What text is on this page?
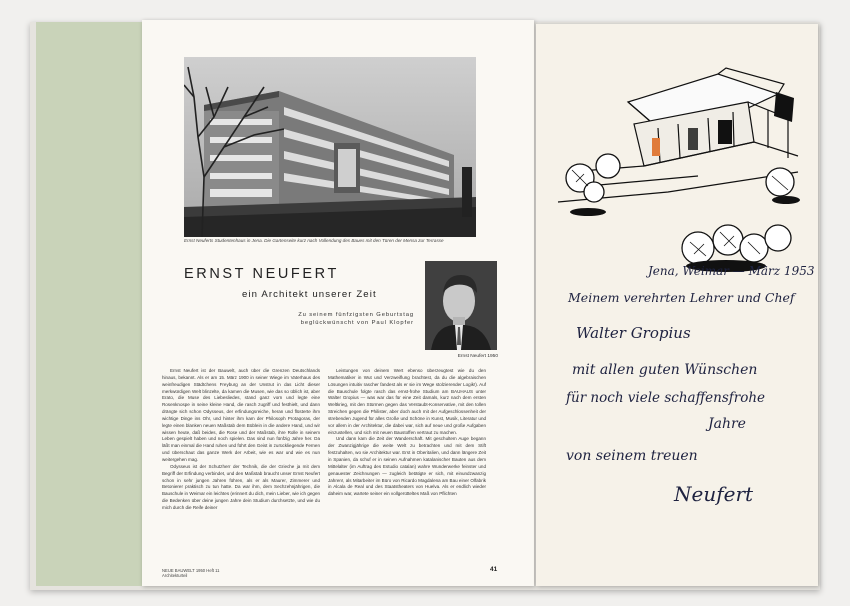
Ernst Neuferts Studentenhaus in Jena. Die Gartenseite kurz nach Vollendung des Baues mit den Türen der Mensa zur Terrasse
ERNST NEUFERT
ein Architekt unserer Zeit
Zu seinem fünfzigsten Geburtstag
beglückwünscht von Paul Klopfer
Ernst Neufert 1950

Ernst Neufert ist der Bauwelt, auch über die Grenzen Deutschlands hinaus, bekannt. Als er am 15. März 1900 in seiner Wiege im Vaterhaus des weinfreudigen Städtchens Freyburg an der Unstrut in das Licht dieser merkwürdigen Welt blinzelte, da kamen die Musen, wie das so üblich ist, aber Erato, die Muse des Liebesliedes, stand ganz vorn und legte eine Rosenknospe in seine kleine Hand, die rasch zugriff und festhielt, und dann drängte sich schon Odysseus, der erfindungsreiche, heran und flüsterte ihm wichtige Dinge ins Ohr, und hinter ihm kam der Philosoph Protagoras, der legte einen blanken neuen Maßstab dem Büblein in die andere Hand, und wir wissen heute, daß beides, die Rose und der Maßstab, ihre Rolle in seinem Leben gespielt haben und noch spielen. Das sind nun fünfzig Jahre her. Da läßt man einmal die Hand ruhen und führt den Geist in zurückliegende Fernen und überschaut das ganze Werk der Arbeit, wie es war und wie es nun weitergehen mag.

Odysseus ist der Schutzherr der Technik, die der Grieche ja mit dem Begriff der Erfindung verbindet, und den Maßstab braucht unser Ernst Neufert schon in sehr jungen Jahren führen, als er als Maurer, Zimmerer und Betonierer praktisch zu tun hatte. Da war ihm, dem Sechzehnjährigen, die Bauschule in Weimar ein leichtes (erinnert du dich, mein Lieber, wie ich gegen die Bedenken über deine jungen Jahre dein Studium durchsetzte, und wie du mich durch die Reife deiner

Leistungen von deinem Wert ebenso überzeugtest wie du den Mathematiker in Wut und Verzweiflung brachtest, da du die algebraischen Lösungen intuitiv rascher fandest als er sie im Wege stolzierender Logik!). Auf die Bauschule folgte rasch das ernst-frohe Studium am BAUHAUS unter Walter Gropius — was war das für eine Zeit damals, kurz nach dem ersten Weltkrieg, mit den Stürmen gegen das Verstaubt-Konservative, mit den tollen Streichen gegen die Philister, aber doch auch mit der Aufgeschlossenheit der strebenden Jugend für alles Große und Schöne in Kunst, Musik, Literatur und vor allem in der Architektur, die dabei war, sich auf neue und große Aufgaben einzustellen, und sich mit neuen Baustoffen vertraut zu machen.

Und dann kam die Zeit der Wanderschaft. Mit geschultem Auge begann der Zwanzigjährige die weite Welt zu betrachten und mit dem Stift festzuhalten, wo sie Architektur war. Erst in Oberitalien, und dann längere Zeit in Spanien, da schuf er in seinen Aufnahmen katalanischer Bauten aus dem Mittelalter (im Auftrag des Estudio catalan) wahre Wunderwerke feinster und genauester Zeichnungen — zugleich betätigte er sich, mit einundzwanzig Jahren!, als Mitarbeiter im Büro von Ricardo Magdalena am Bau einer Olfabrik in Alcala de Real und des Staatstheaters von Huelva. Als er endlich wieder daheim war, wartete seiner ein vollgerütteltes Maß von Pflichten

NEUE BAUWELT 1950 Heft 11
Architekturteil
41
Jena, Weimar — März 1953
Meinem verehrten Lehrer und Chef
Walter Gropius
mit allen guten Wünschen
für noch viele schaffensfrohe
Jahre
von seinem treuen
Neufert
